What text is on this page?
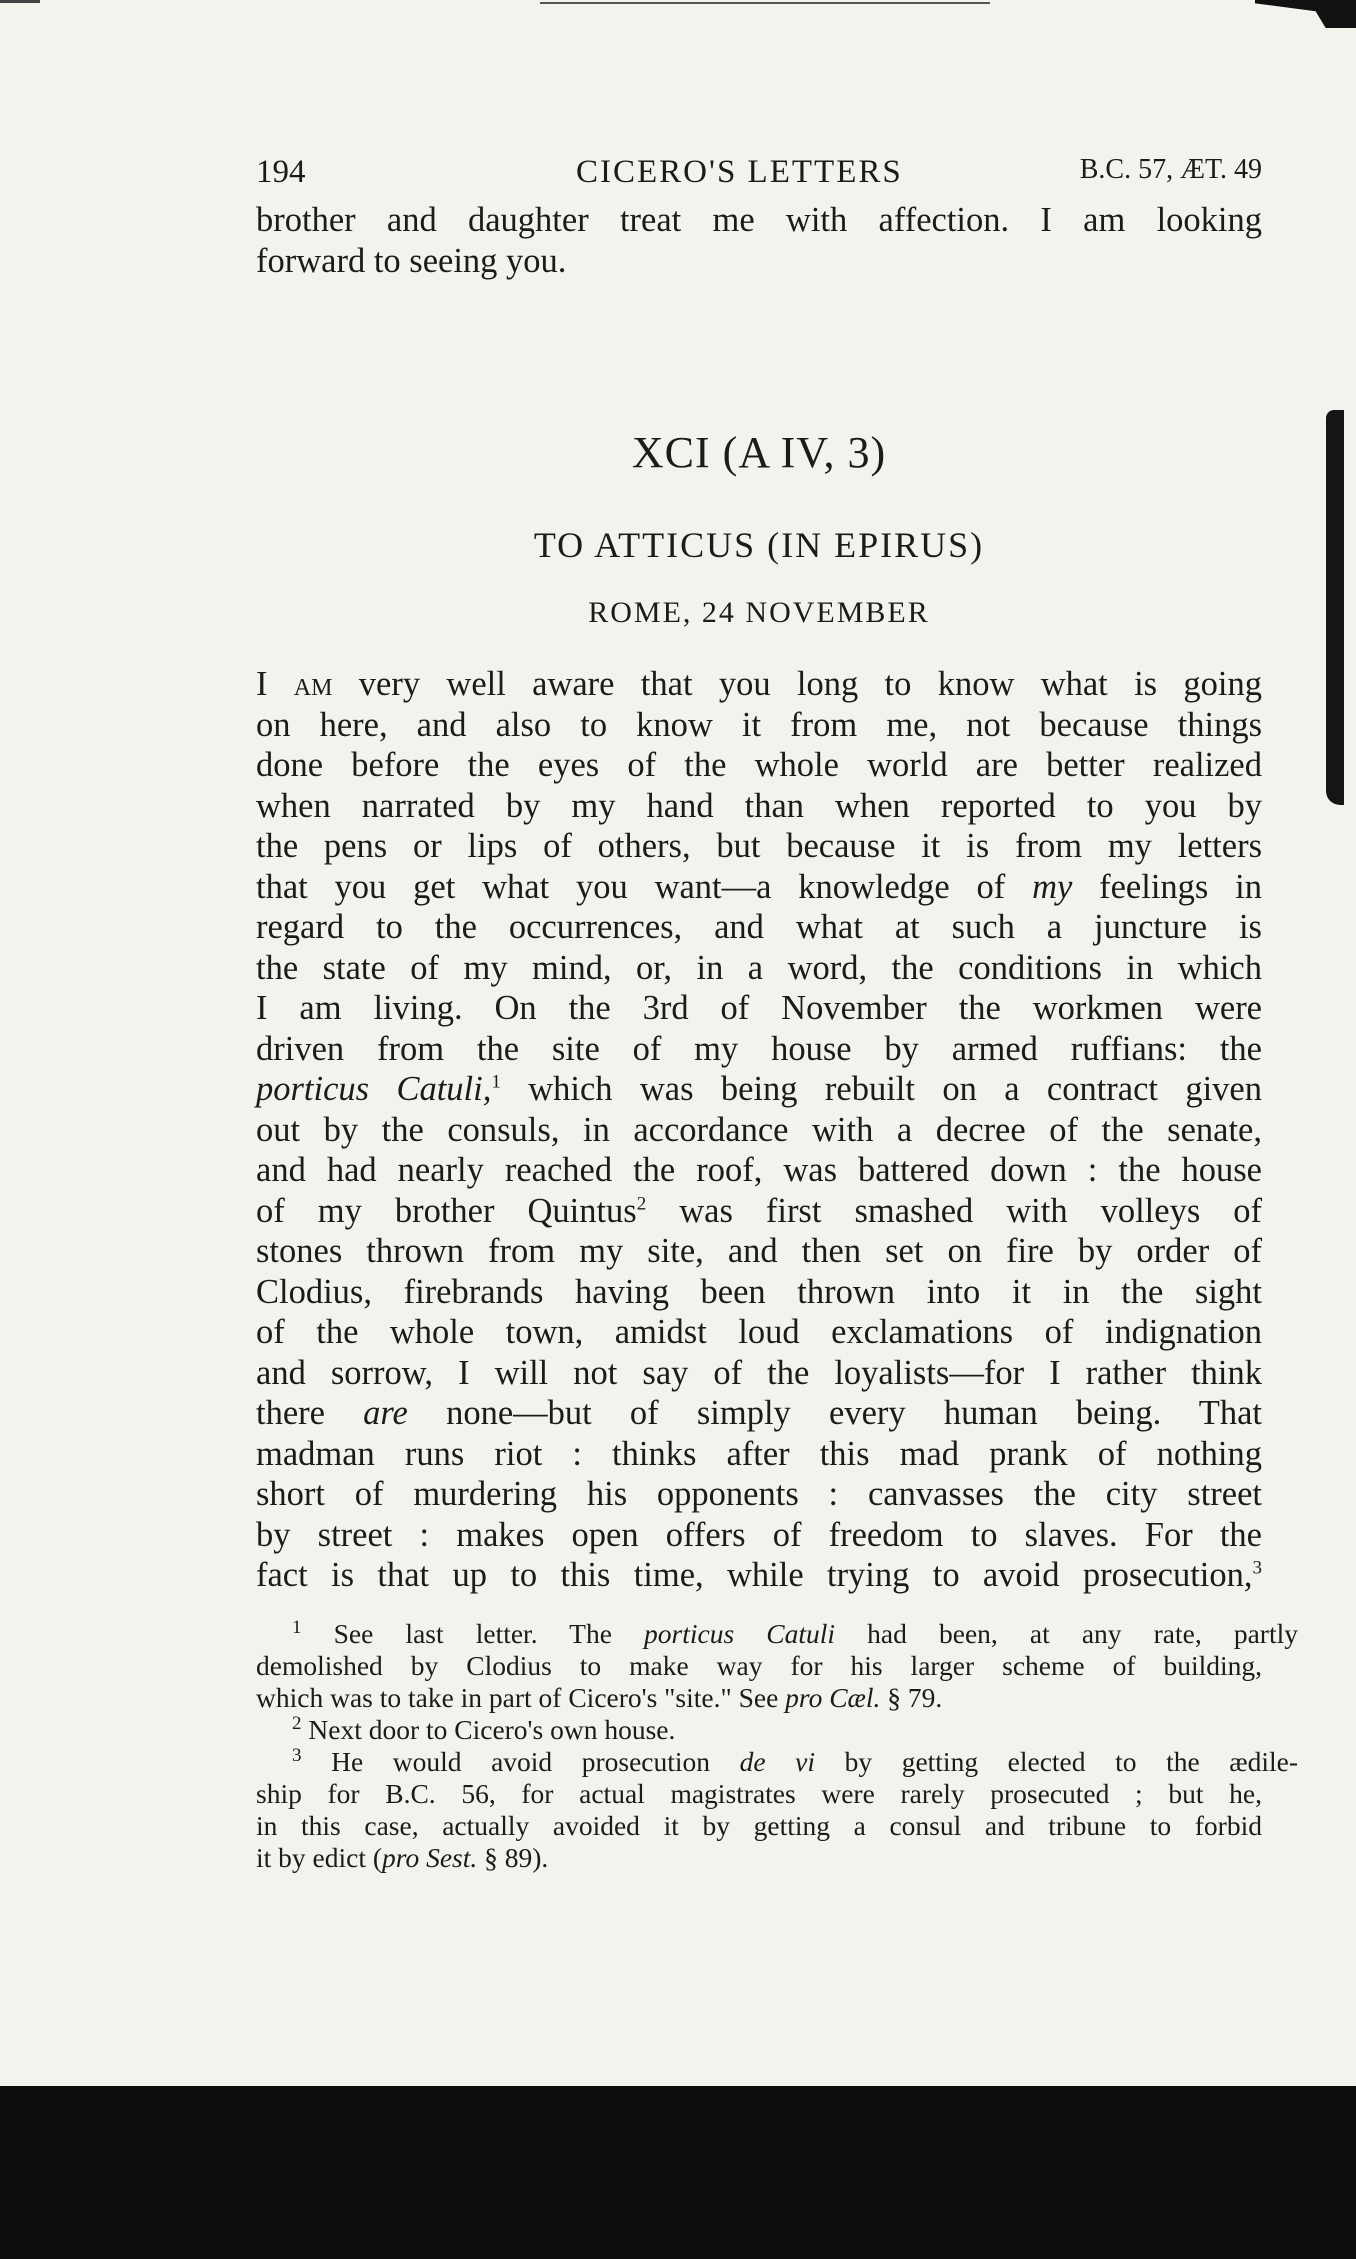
194	CICERO'S LETTERS	B.C. 57, ÆT. 49
brother and daughter treat me with affection. I am looking
forward to seeing you.
XCI (A IV, 3)
TO ATTICUS (IN EPIRUS)
ROME, 24 NOVEMBER
I am very well aware that you long to know what is going
on here, and also to know it from me, not because things
done before the eyes of the whole world are better realized
when narrated by my hand than when reported to you by
the pens or lips of others, but because it is from my letters
that you get what you want—a knowledge of my feelings in
regard to the occurrences, and what at such a juncture is
the state of my mind, or, in a word, the conditions in which
I am living. On the 3rd of November the workmen were
driven from the site of my house by armed ruffians: the
porticus Catuli,$^1$ which was being rebuilt on a contract given
out by the consuls, in accordance with a decree of the senate,
and had nearly reached the roof, was battered down : the house
of my brother Quintus$^2$ was first smashed with volleys of
stones thrown from my site, and then set on fire by order of
Clodius, firebrands having been thrown into it in the sight
of the whole town, amidst loud exclamations of indignation
and sorrow, I will not say of the loyalists—for I rather think
there are none—but of simply every human being. That
madman runs riot : thinks after this mad prank of nothing
short of murdering his opponents : canvasses the city street
by street : makes open offers of freedom to slaves. For the
fact is that up to this time, while trying to avoid prosecution,$^3$
$^1$ See last letter. The porticus Catuli had been, at any rate, partly
demolished by Clodius to make way for his larger scheme of building,
which was to take in part of Cicero's "site." See pro Cæl. § 79.
$^2$ Next door to Cicero's own house.
$^3$ He would avoid prosecution de vi by getting elected to the ædile-
ship for B.C. 56, for actual magistrates were rarely prosecuted ; but he,
in this case, actually avoided it by getting a consul and tribune to forbid
it by edict (pro Sest. § 89).
